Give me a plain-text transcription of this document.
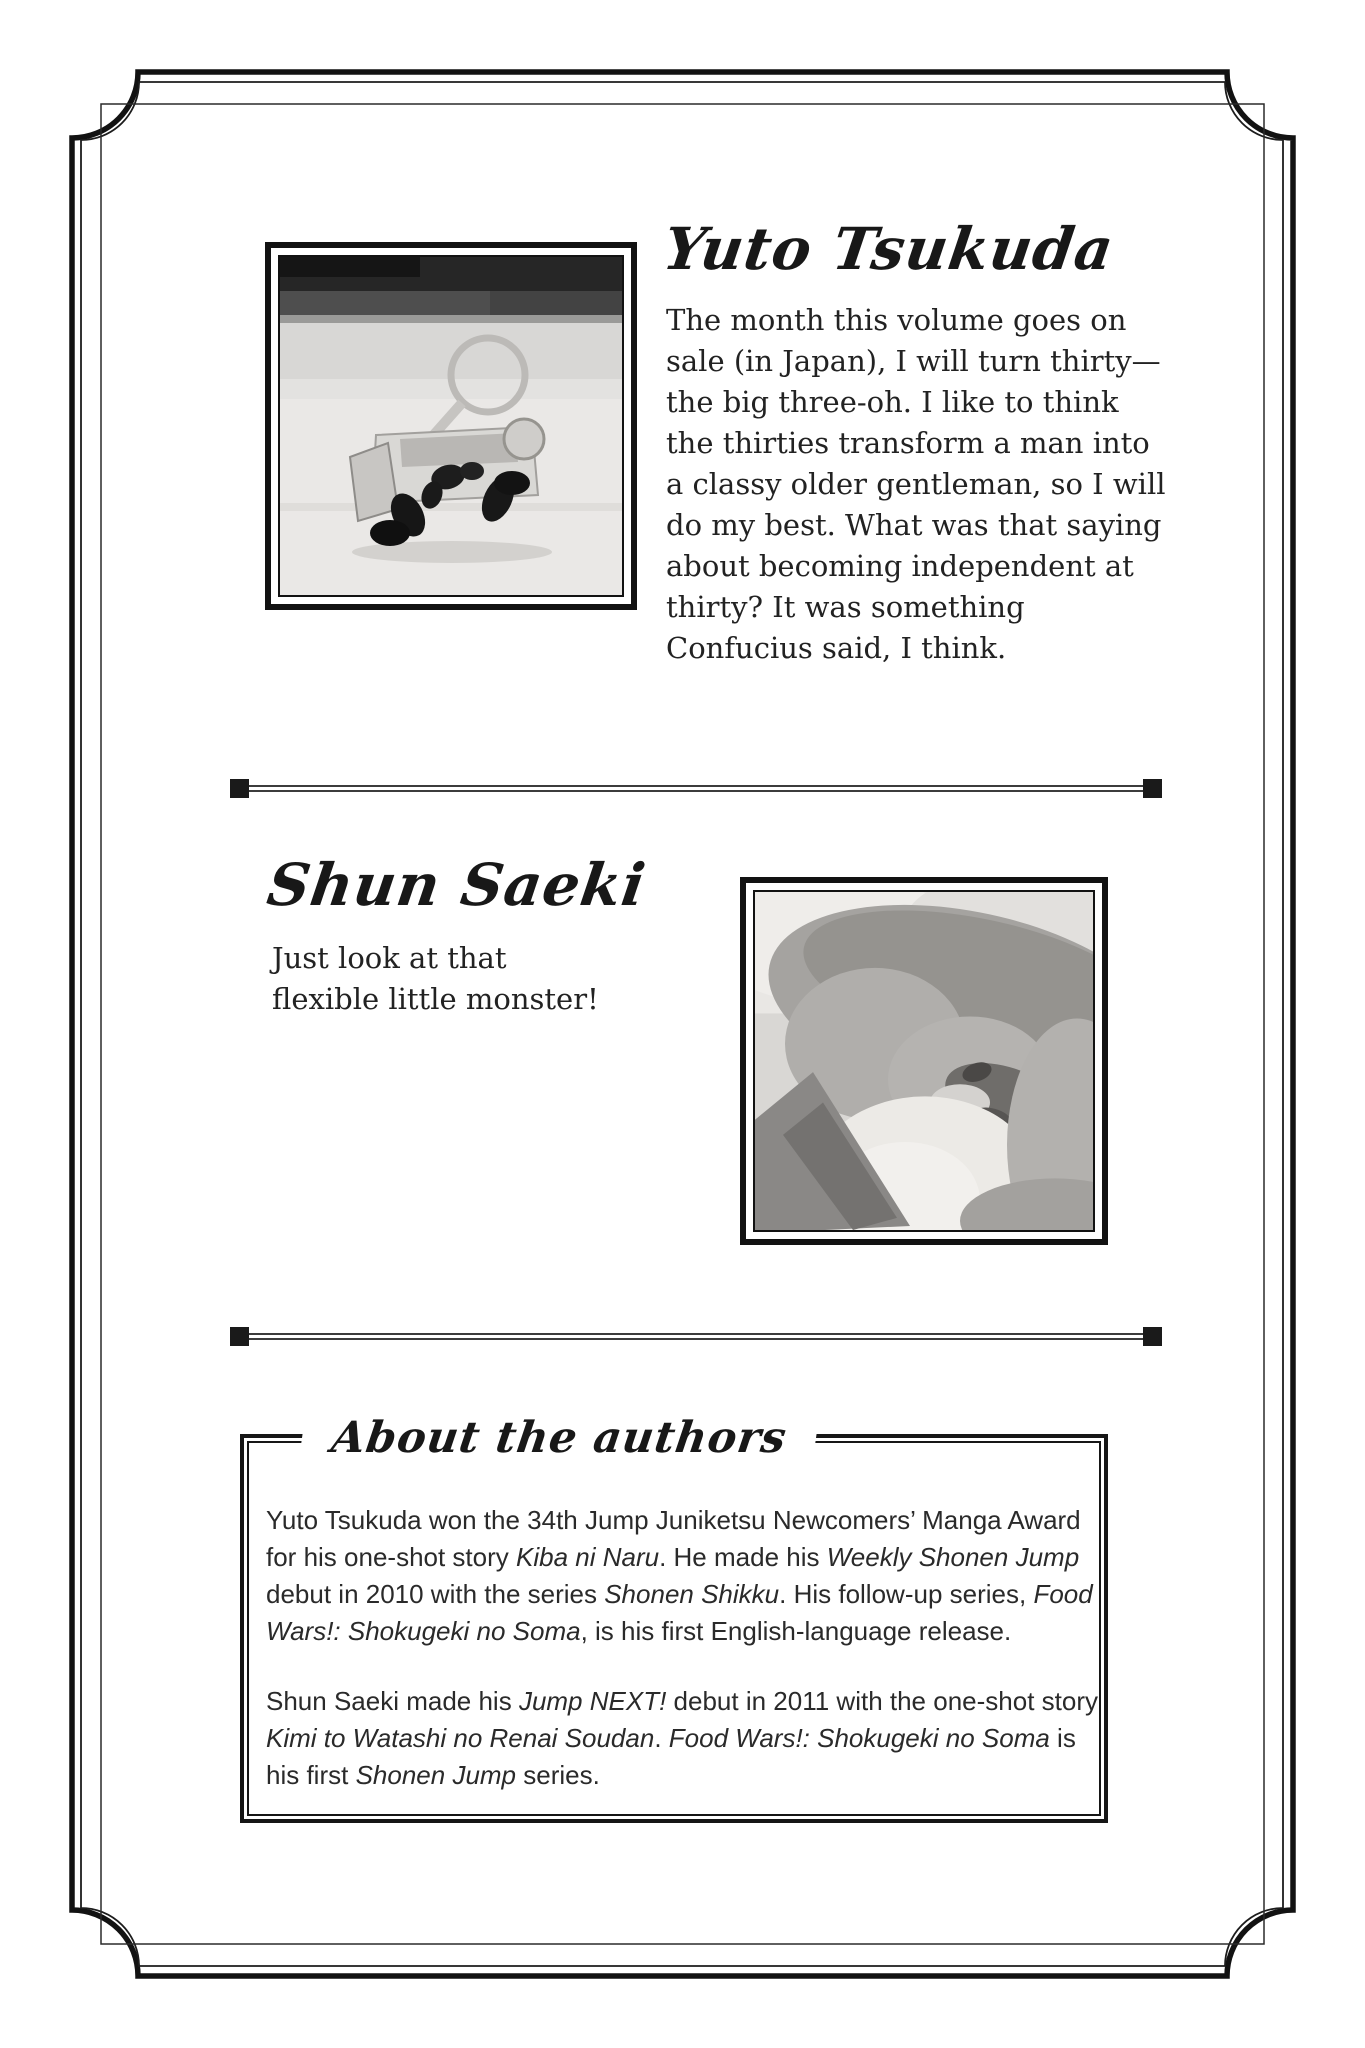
Yuto Tsukuda
The month this volume goes on sale (in Japan), I will turn thirty—the big three-oh. I like to think the thirties transform a man into a classy older gentleman, so I will do my best. What was that saying about becoming independent at thirty? It was something Confucius said, I think.
Shun Saeki
Just look at that flexible little monster!
About the authors

Yuto Tsukuda won the 34th Jump Juniketsu Newcomers’ Manga Award for his one-shot story Kiba ni Naru. He made his Weekly Shonen Jump debut in 2010 with the series Shonen Shikku. His follow-up series, Food Wars!: Shokugeki no Soma, is his first English-language release.

Shun Saeki made his Jump NEXT! debut in 2011 with the one-shot story Kimi to Watashi no Renai Soudan. Food Wars!: Shokugeki no Soma is his first Shonen Jump series.
